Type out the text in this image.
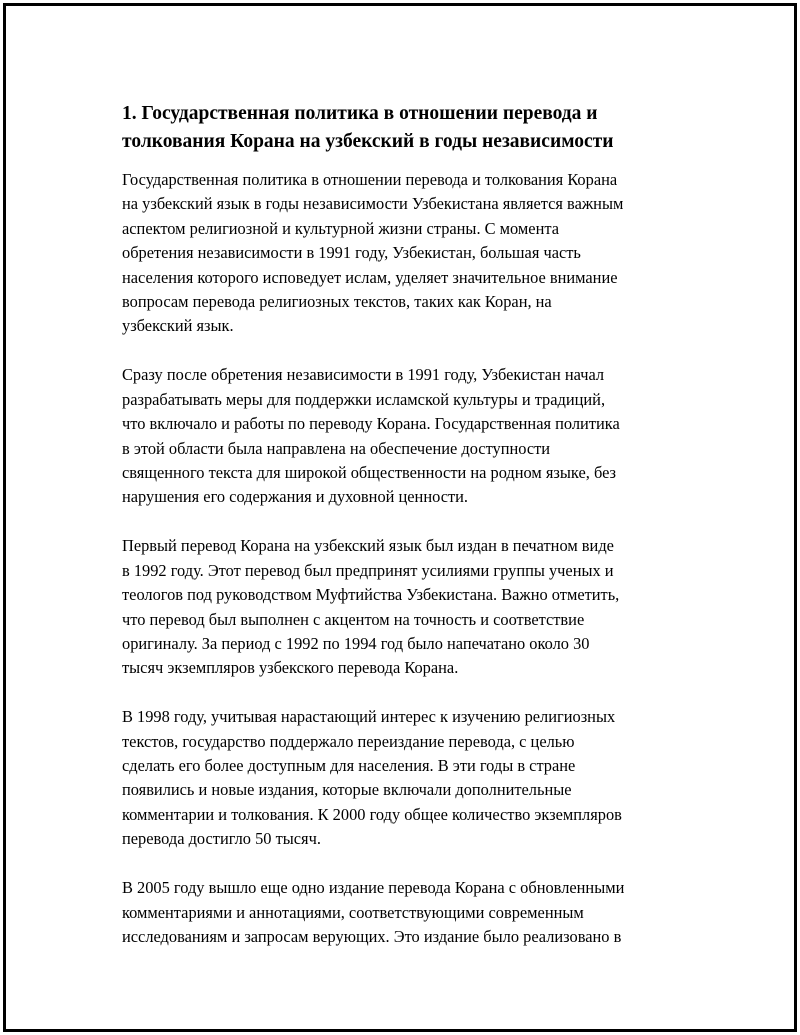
1. Государственная политика в отношении перевода и
толкования Корана на узбекский в годы независимости

Государственная политика в отношении перевода и толкования Корана
на узбекский язык в годы независимости Узбекистана является важным
аспектом религиозной и культурной жизни страны. С момента
обретения независимости в 1991 году, Узбекистан, большая часть
населения которого исповедует ислам, уделяет значительное внимание
вопросам перевода религиозных текстов, таких как Коран, на
узбекский язык.

Сразу после обретения независимости в 1991 году, Узбекистан начал
разрабатывать меры для поддержки исламской культуры и традиций,
что включало и работы по переводу Корана. Государственная политика
в этой области была направлена на обеспечение доступности
священного текста для широкой общественности на родном языке, без
нарушения его содержания и духовной ценности.

Первый перевод Корана на узбекский язык был издан в печатном виде
в 1992 году. Этот перевод был предпринят усилиями группы ученых и
теологов под руководством Муфтийства Узбекистана. Важно отметить,
что перевод был выполнен с акцентом на точность и соответствие
оригиналу. За период с 1992 по 1994 год было напечатано около 30
тысяч экземпляров узбекского перевода Корана.

В 1998 году, учитывая нарастающий интерес к изучению религиозных
текстов, государство поддержало переиздание перевода, с целью
сделать его более доступным для населения. В эти годы в стране
появились и новые издания, которые включали дополнительные
комментарии и толкования. К 2000 году общее количество экземпляров
перевода достигло 50 тысяч.

В 2005 году вышло еще одно издание перевода Корана с обновленными
комментариями и аннотациями, соответствующими современным
исследованиям и запросам верующих. Это издание было реализовано в
